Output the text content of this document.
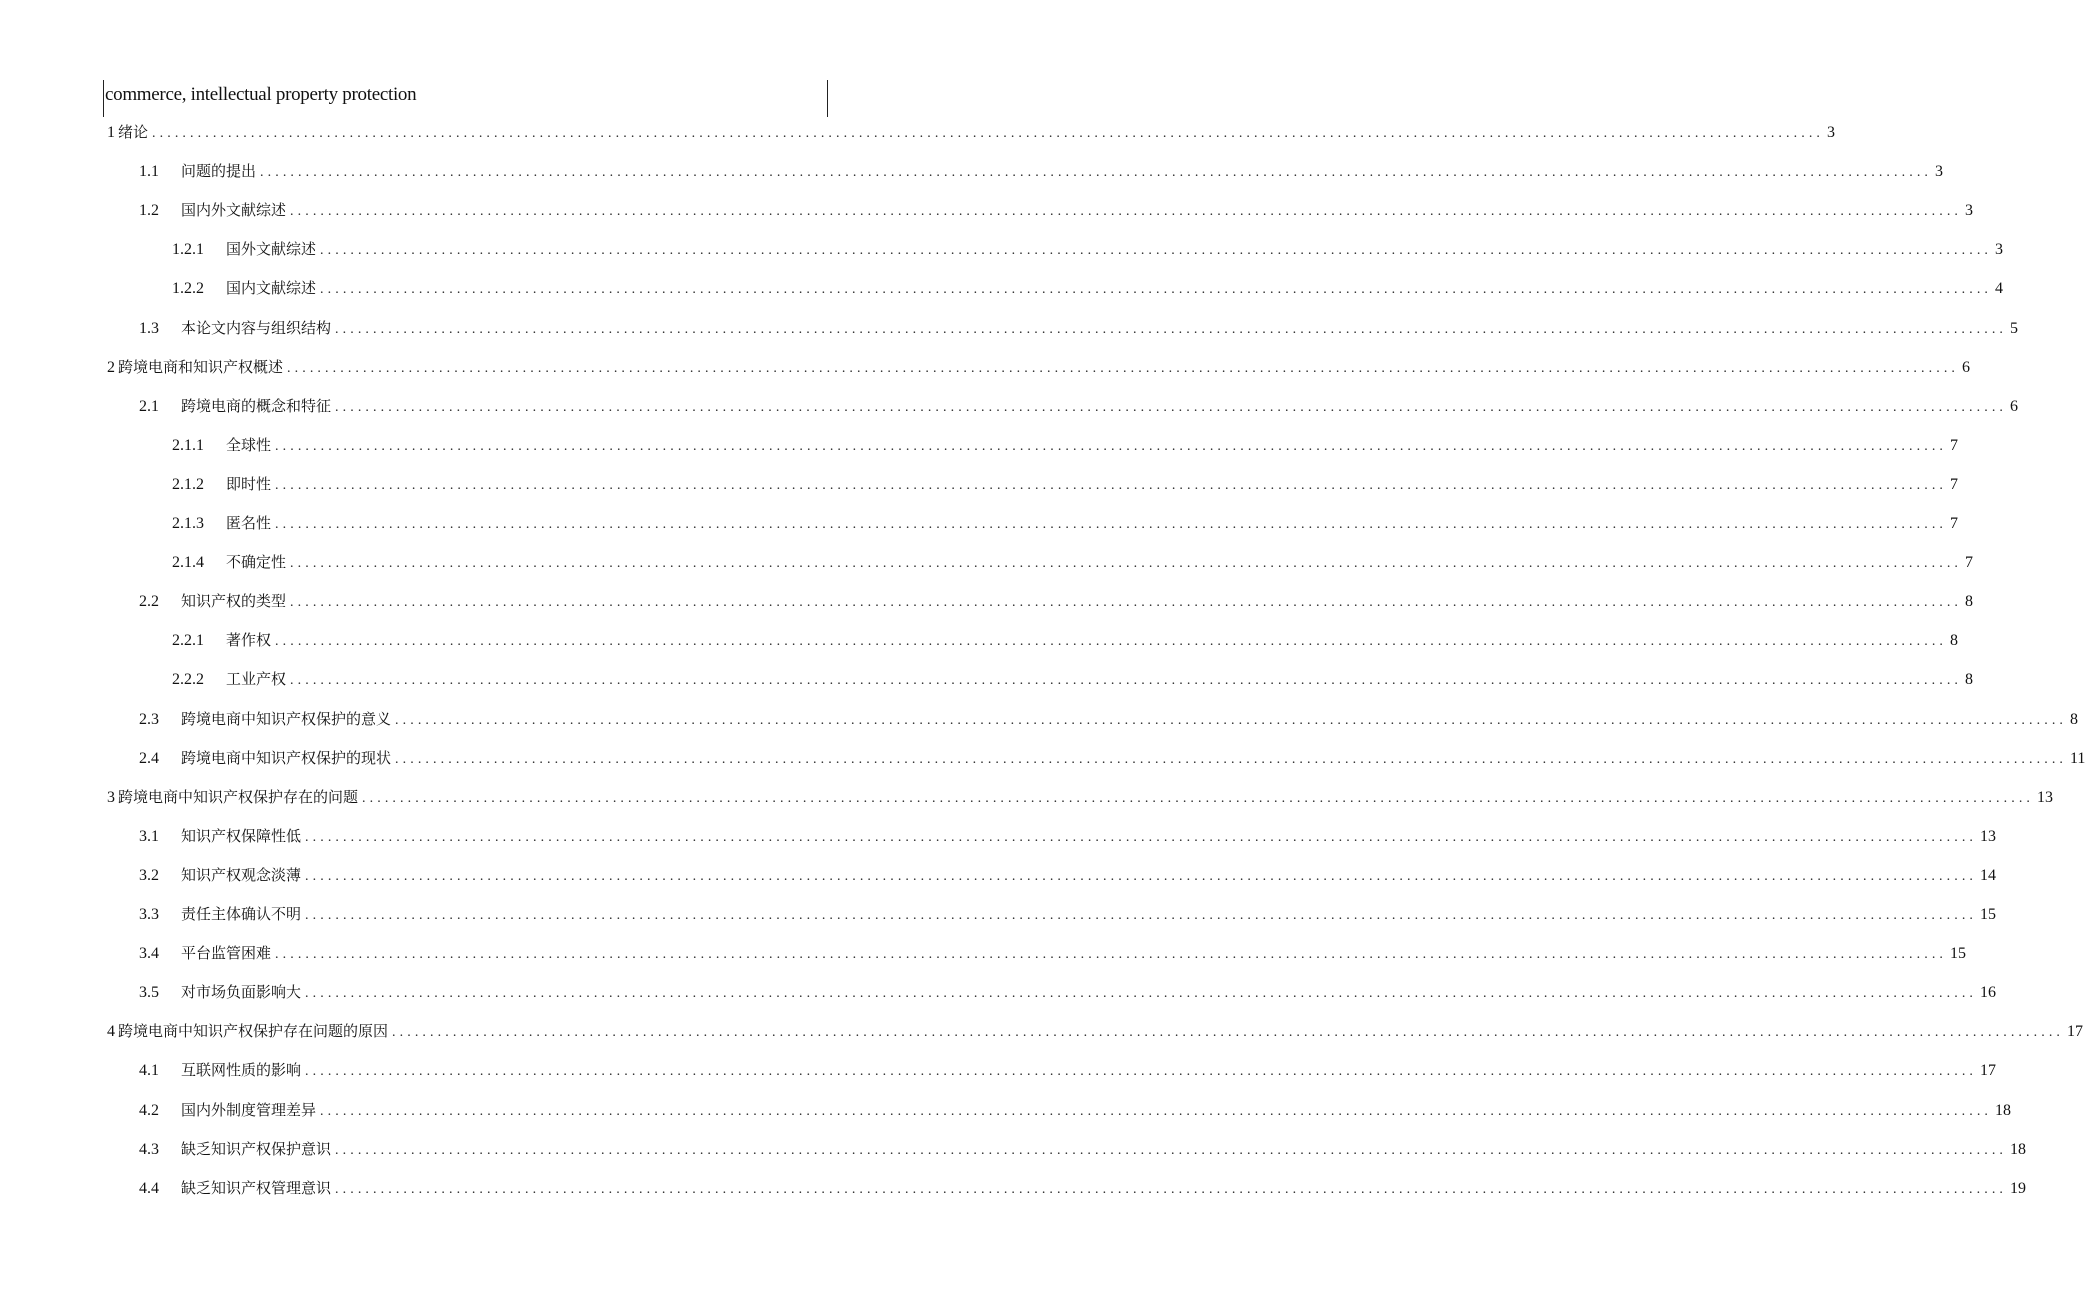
commerce, intellectual property protection
1 绪论 ............................................................................................................................................................................................................................ 3
1.1	问题的提出 ............................................................................................................................................................................................................................ 3
1.2	国内外文献综述 ............................................................................................................................................................................................................................ 3
1.2.1	国外文献综述 ............................................................................................................................................................................................................................ 3
1.2.2	国内文献综述 ............................................................................................................................................................................................................................ 4
1.3	本论文内容与组织结构 ............................................................................................................................................................................................................................ 5
2 跨境电商和知识产权概述 ............................................................................................................................................................................................................................ 6
2.1	跨境电商的概念和特征 ............................................................................................................................................................................................................................ 6
2.1.1	全球性 ............................................................................................................................................................................................................................ 7
2.1.2	即时性 ............................................................................................................................................................................................................................ 7
2.1.3	匿名性 ............................................................................................................................................................................................................................ 7
2.1.4	不确定性 ............................................................................................................................................................................................................................ 7
2.2	知识产权的类型 ............................................................................................................................................................................................................................ 8
2.2.1	著作权 ............................................................................................................................................................................................................................ 8
2.2.2	工业产权 ............................................................................................................................................................................................................................ 8
2.3	跨境电商中知识产权保护的意义 ............................................................................................................................................................................................................................ 8
2.4	跨境电商中知识产权保护的现状 ............................................................................................................................................................................................................................ 11
3 跨境电商中知识产权保护存在的问题 ............................................................................................................................................................................................................................ 13
3.1	知识产权保障性低 ............................................................................................................................................................................................................................ 13
3.2	知识产权观念淡薄 ............................................................................................................................................................................................................................ 14
3.3	责任主体确认不明 ............................................................................................................................................................................................................................ 15
3.4	平台监管困难 ............................................................................................................................................................................................................................ 15
3.5	对市场负面影响大 ............................................................................................................................................................................................................................ 16
4 跨境电商中知识产权保护存在问题的原因 ............................................................................................................................................................................................................................ 17
4.1	互联网性质的影响 ............................................................................................................................................................................................................................ 17
4.2	国内外制度管理差异 ............................................................................................................................................................................................................................ 18
4.3	缺乏知识产权保护意识 ............................................................................................................................................................................................................................ 18
4.4	缺乏知识产权管理意识 ............................................................................................................................................................................................................................ 19
